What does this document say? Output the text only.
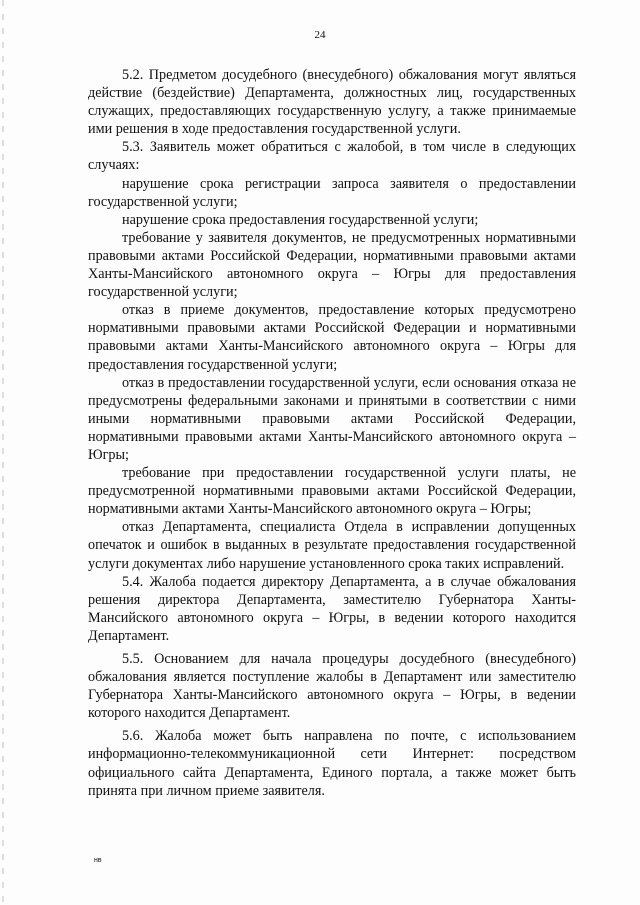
24

5.2. Предметом досудебного (внесудебного) обжалования могут являться действие (бездействие) Департамента, должностных лиц, государственных служащих, предоставляющих государственную услугу, а также принимаемые ими решения в ходе предоставления государственной услуги.

5.3. Заявитель может обратиться с жалобой, в том числе в следующих случаях:

нарушение срока регистрации запроса заявителя о предоставлении государственной услуги;

нарушение срока предоставления государственной услуги;

требование у заявителя документов, не предусмотренных нормативными правовыми актами Российской Федерации, нормативными правовыми актами Ханты-Мансийского автономного округа – Югры для предоставления государственной услуги;

отказ в приеме документов, предоставление которых предусмотрено нормативными правовыми актами Российской Федерации и нормативными правовыми актами Ханты-Мансийского автономного округа – Югры для предоставления государственной услуги;

отказ в предоставлении государственной услуги, если основания отказа не предусмотрены федеральными законами и принятыми в соответствии с ними иными нормативными правовыми актами Российской Федерации, нормативными правовыми актами Ханты-Мансийского автономного округа – Югры;

требование при предоставлении государственной услуги платы, не предусмотренной нормативными правовыми актами Российской Федерации, нормативными актами Ханты-Мансийского автономного округа – Югры;

отказ Департамента, специалиста Отдела в исправлении допущенных опечаток и ошибок в выданных в результате предоставления государственной услуги документах либо нарушение установленного срока таких исправлений.

5.4. Жалоба подается директору Департамента, а в случае обжалования решения директора Департамента, заместителю Губернатора Ханты-Мансийского автономного округа – Югры, в ведении которого находится Департамент.

5.5. Основанием для начала процедуры досудебного (внесудебного) обжалования является поступление жалобы в Департамент или заместителю Губернатора Ханты-Мансийского автономного округа – Югры, в ведении которого находится Департамент.

5.6. Жалоба может быть направлена по почте, с использованием информационно-телекоммуникационной сети Интернет: посредством официального сайта Департамента, Единого портала, а также может быть принята при личном приеме заявителя.

нв
